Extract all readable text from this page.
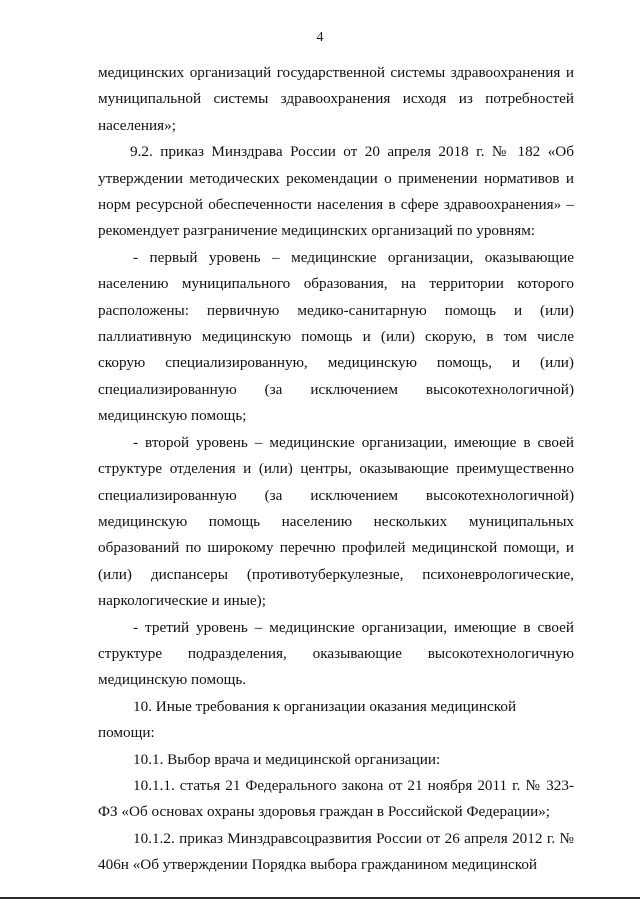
4

медицинских организаций государственной системы здравоохранения и муниципальной системы здравоохранения исходя из потребностей населения»;

9.2. приказ Минздрава России от 20 апреля 2018 г. № 182 «Об утверждении методических рекомендации о применении нормативов и норм ресурсной обеспеченности населения в сфере здравоохранения» – рекомендует разграничение медицинских организаций по уровням:

- первый уровень – медицинские организации, оказывающие населению муниципального образования, на территории которого расположены: первичную медико-санитарную помощь и (или) паллиативную медицинскую помощь и (или) скорую, в том числе скорую специализированную, медицинскую помощь, и (или) специализированную (за исключением высокотехнологичной) медицинскую помощь;

- второй уровень – медицинские организации, имеющие в своей структуре отделения и (или) центры, оказывающие преимущественно специализированную (за исключением высокотехнологичной) медицинскую помощь населению нескольких муниципальных образований по широкому перечню профилей медицинской помощи, и (или) диспансеры (противотуберкулезные, психоневрологические, наркологические и иные);

- третий уровень – медицинские организации, имеющие в своей структуре подразделения, оказывающие высокотехнологичную медицинскую помощь.

10. Иные требования к организации оказания медицинской помощи:

10.1. Выбор врача и медицинской организации:

10.1.1. статья 21 Федерального закона от 21 ноября 2011 г. № 323-ФЗ «Об основах охраны здоровья граждан в Российской Федерации»;

10.1.2. приказ Минздравсоцразвития России от 26 апреля 2012 г. № 406н «Об утверждении Порядка выбора гражданином медицинской
